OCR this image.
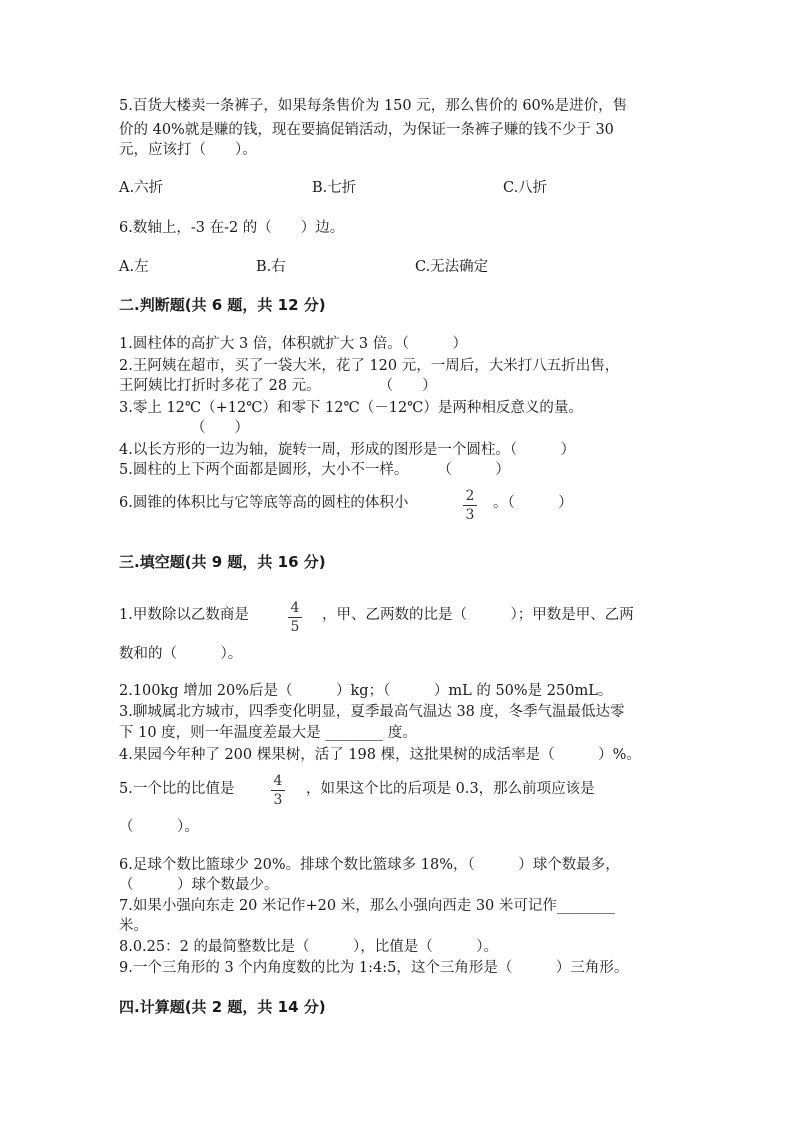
5.百货大楼卖一条裤子，如果每条售价为 150 元，那么售价的 60%是进价，售
价的 40%就是赚的钱，现在要搞促销活动，为保证一条裤子赚的钱不少于 30
元，应该打（　　）。
A.六折	B.七折	C.八折
6.数轴上，-3 在-2 的（　　）边。
A.左	B.右	C.无法确定
二.判断题(共 6 题，共 12 分)
1.圆柱体的高扩大 3 倍，体积就扩大 3 倍。（　　　）
2.王阿姨在超市，买了一袋大米，花了 120 元，一周后，大米打八五折出售，
王阿姨比打折时多花了 28 元。　　　　　（　　）
3.零上 12℃（+12℃）和零下 12℃（－12℃）是两种相反意义的量。
（　　）
4.以长方形的一边为轴，旋转一周，形成的图形是一个圆柱。（　　　）
5.圆柱的上下两个面都是圆形，大小不一样。　　　（　　　）
6.圆锥的体积比与它等底等高的圆柱的体积小	2
3
。（　　　）
三.填空题(共 9 题，共 16 分)
1.甲数除以乙数商是	4
5
，甲、乙两数的比是（　　　）；甲数是甲、乙两
数和的（　　　）。
2.100kg 增加 20%后是（　　　）kg；（　　　）mL 的 50%是 250mL。
3.聊城属北方城市，四季变化明显，夏季最高气温达 38 度，冬季气温最低达零
下 10 度，则一年温度差最大是 ________ 度。
4.果园今年种了 200 棵果树，活了 198 棵，这批果树的成活率是（　　　）%。
5.一个比的比值是	4
3
，如果这个比的后项是 0.3，那么前项应该是
（　　　）。
6.足球个数比篮球少 20%。排球个数比篮球多 18%，（　　　）球个数最多，
（　　　）球个数最少。
7.如果小强向东走 20 米记作+20 米，那么小强向西走 30 米可记作________
米。
8.0.25：2 的最简整数比是（　　　），比值是（　　　）。
9.一个三角形的 3 个内角度数的比为 1:4:5，这个三角形是（　　　）三角形。
四.计算题(共 2 题，共 14 分)
